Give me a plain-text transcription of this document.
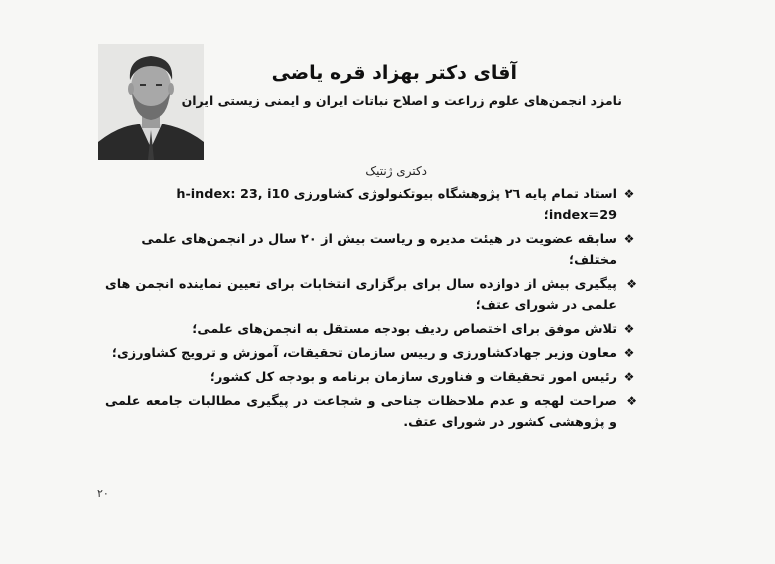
آقای دکتر بهزاد قره یاضی
نامزد انجمن‌های علوم زراعت و اصلاح نباتات ایران و ایمنی زیستی ایران
دکتری ژنتیک
❖
استاد تمام پایه ۲٦ پژوهشگاه بیوتکنولوژی کشاورزی h-index: 23, i10 index=29؛
❖
سابقه عضویت در هیئت مدیره و ریاست بیش از ۲۰ سال در انجمن‌های علمی مختلف؛
❖
پیگیری بیش از دوازده سال برای برگزاری انتخابات برای تعیین نماینده انجمن های علمی در شورای عتف؛
❖
تلاش موفق برای اختصاص ردیف بودجه مستقل به انجمن‌های علمی؛
❖
معاون وزیر جهادکشاورزی و رییس سازمان تحقیقات، آموزش و ترویج کشاورزی؛
❖
رئیس امور تحقیقات و فناوری سازمان برنامه و بودجه کل کشور؛
❖
صراحت لهجه و عدم ملاحظات جناحی و شجاعت در پیگیری مطالبات جامعه علمی و پژوهشی کشور در شورای عتف.
۲۰
